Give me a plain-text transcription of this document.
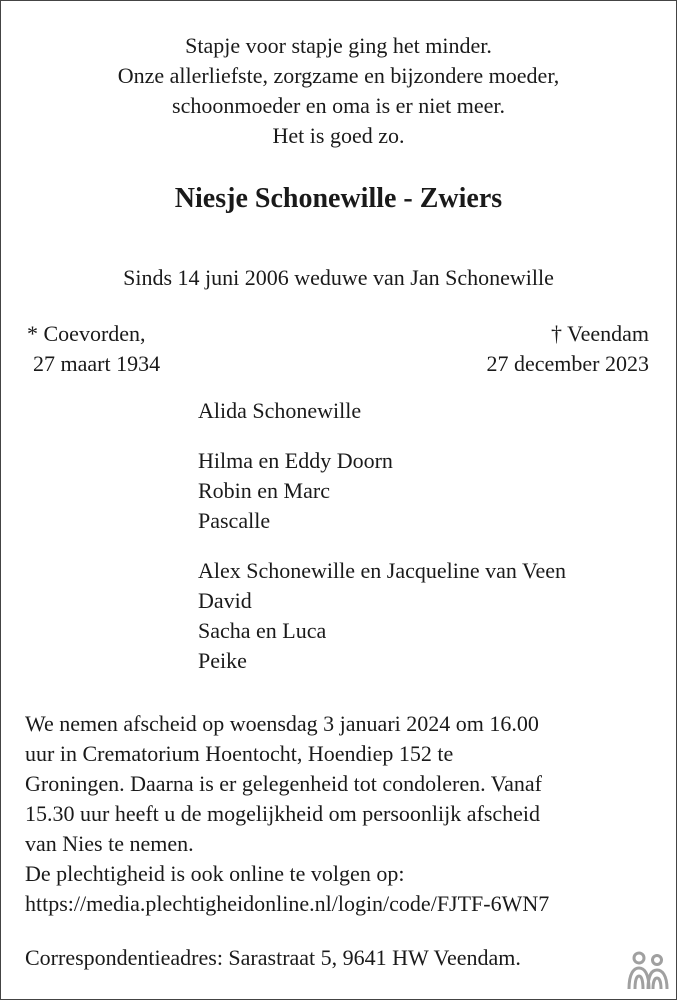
Stapje voor stapje ging het minder.
Onze allerliefste, zorgzame en bijzondere moeder,
schoonmoeder en oma is er niet meer.
Het is goed zo.
Niesje Schonewille - Zwiers
Sinds 14 juni 2006 weduwe van Jan Schonewille
* Coevorden,
27 maart 1934
† Veendam
27 december 2023
Alida Schonewille
Hilma en Eddy Doorn
Robin en Marc
Pascalle
Alex Schonewille en Jacqueline van Veen
David
Sacha en Luca
Peike
We nemen afscheid op woensdag 3 januari 2024 om 16.00
uur in Crematorium Hoentocht, Hoendiep 152 te
Groningen. Daarna is er gelegenheid tot condoleren. Vanaf
15.30 uur heeft u de mogelijkheid om persoonlijk afscheid
van Nies te nemen.
De plechtigheid is ook online te volgen op:
https://media.plechtigheidonline.nl/login/code/FJTF-6WN7
Correspondentieadres: Sarastraat 5, 9641 HW Veendam.
